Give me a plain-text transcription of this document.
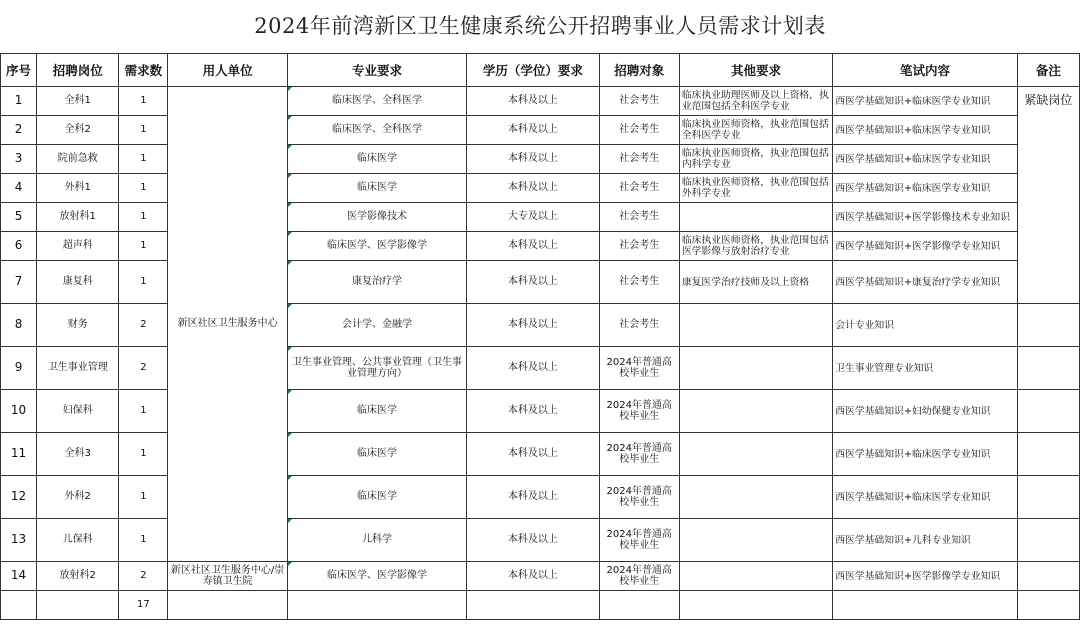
2024年前湾新区卫生健康系统公开招聘事业人员需求计划表
序号	招聘岗位	需求数	用人单位	专业要求	学历（学位）要求	招聘对象	其他要求	笔试内容	备注
1	全科1	1	新区社区卫生服务中心	临床医学、全科医学	本科及以上	社会考生	临床执业助理医师及以上资格，执业范围包括全科医学专业	西医学基础知识+临床医学专业知识	紧缺岗位
2	全科2	1		临床医学、全科医学	本科及以上	社会考生	临床执业医师资格，执业范围包括全科医学专业	西医学基础知识+临床医学专业知识	
3	院前急救	1		临床医学	本科及以上	社会考生	临床执业医师资格，执业范围包括内科学专业	西医学基础知识+临床医学专业知识	
4	外科1	1		临床医学	本科及以上	社会考生	临床执业医师资格，执业范围包括外科学专业	西医学基础知识+临床医学专业知识	
5	放射科1	1		医学影像技术	大专及以上	社会考生		西医学基础知识+医学影像技术专业知识	
6	超声科	1		临床医学、医学影像学	本科及以上	社会考生	临床执业医师资格，执业范围包括医学影像与放射治疗专业	西医学基础知识+医学影像学专业知识	
7	康复科	1		康复治疗学	本科及以上	社会考生	康复医学治疗技师及以上资格	西医学基础知识+康复治疗学专业知识	
8	财务	2		会计学、金融学	本科及以上	社会考生		会计专业知识	
9	卫生事业管理	2		卫生事业管理、公共事业管理（卫生事业管理方向）	本科及以上	2024年普通高校毕业生		卫生事业管理专业知识	
10	妇保科	1		临床医学	本科及以上	2024年普通高校毕业生		西医学基础知识+妇幼保健专业知识	
11	全科3	1		临床医学	本科及以上	2024年普通高校毕业生		西医学基础知识+临床医学专业知识	
12	外科2	1		临床医学	本科及以上	2024年普通高校毕业生		西医学基础知识+临床医学专业知识	
13	儿保科	1		儿科学	本科及以上	2024年普通高校毕业生		西医学基础知识+儿科专业知识	
14	放射科2	2	新区社区卫生服务中心/崇寿镇卫生院	临床医学、医学影像学	本科及以上	2024年普通高校毕业生		西医学基础知识+医学影像学专业知识	
		17							
